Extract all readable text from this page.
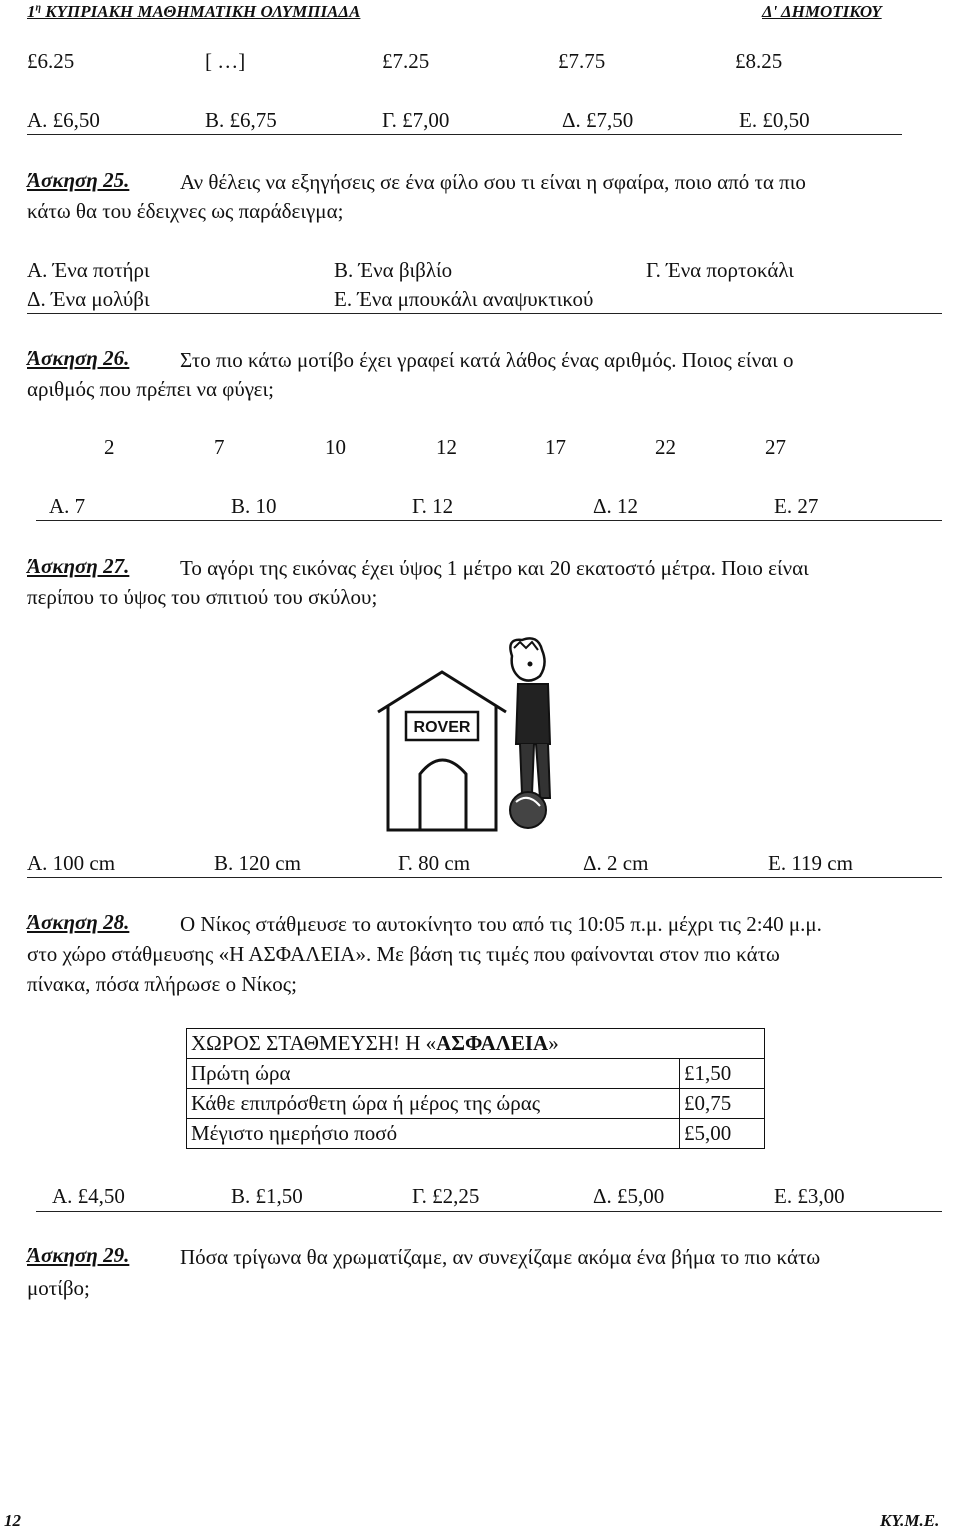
$1^\eta$ ΚΥΠΡΙΑΚΗ ΜΑΘΗΜΑΤΙΚΗ ΟΛΥΜΠΙΑΔΑ	Δ' ΔΗΜΟΤΙΚΟΥ
£6.25	[ …]	£7.25	£7.75	£8.25
Α. £6,50	Β. £6,75	Γ. £7,00	Δ. £7,50	Ε. £0,50
Άσκηση 25. Αν θέλεις να εξηγήσεις σε ένα φίλο σου τι είναι η σφαίρα, ποιο από τα πιο
κάτω θα του έδειχνες ως παράδειγμα;
Α. Ένα ποτήρι	Β. Ένα βιβλίο	Γ. Ένα πορτοκάλι
Δ. Ένα μολύβι	Ε. Ένα μπουκάλι αναψυκτικού
Άσκηση 26. Στο πιο κάτω μοτίβο έχει γραφεί κατά λάθος ένας αριθμός. Ποιος είναι ο
αριθμός που πρέπει να φύγει;
2	7	10	12	17	22	27
Α. 7	Β. 10	Γ. 12	Δ. 12	Ε. 27
Άσκηση 27. Το αγόρι της εικόνας έχει ύψος 1 μέτρο και 20 εκατοστό μέτρα. Ποιο είναι
περίπου το ύψος του σπιτιού του σκύλου;
ROVER
Α. 100 cm	Β. 120 cm	Γ. 80 cm	Δ. 2 cm	Ε. 119 cm
Άσκηση 28. Ο Νίκος στάθμευσε το αυτοκίνητο του από τις 10:05 π.μ. μέχρι τις 2:40 μ.μ.
στο χώρο στάθμευσης «Η ΑΣΦΑΛΕΙΑ». Με βάση τις τιμές που φαίνονται στον πιο κάτω
πίνακα, πόσα πλήρωσε ο Νίκος;
ΧΩΡΟΣ ΣΤΑΘΜΕΥΣΗ! Η «ΑΣΦΑΛΕΙΑ»	
Πρώτη ώρα	£1,50
Κάθε επιπρόσθετη ώρα ή μέρος της ώρας	£0,75
Μέγιστο ημερήσιο ποσό	£5,00
Α. £4,50	Β. £1,50	Γ. £2,25	Δ. £5,00	Ε. £3,00
Άσκηση 29. Πόσα τρίγωνα θα χρωματίζαμε, αν συνεχίζαμε ακόμα ένα βήμα το πιο κάτω
μοτίβο;
12	ΚΥ.Μ.Ε.
